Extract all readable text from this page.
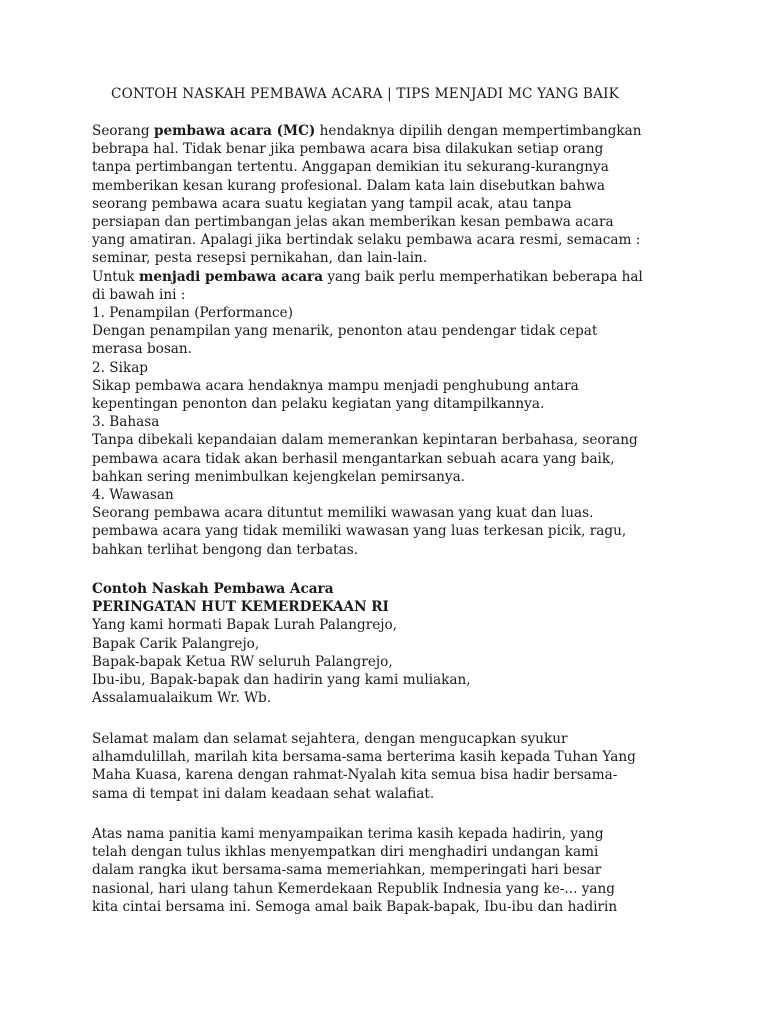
CONTOH NASKAH PEMBAWA ACARA | TIPS MENJADI MC YANG BAIK
Seorang pembawa acara (MC) hendaknya dipilih dengan mempertimbangkan
bebrapa hal. Tidak benar jika pembawa acara bisa dilakukan setiap orang
tanpa pertimbangan tertentu. Anggapan demikian itu sekurang-kurangnya
memberikan kesan kurang profesional. Dalam kata lain disebutkan bahwa
seorang pembawa acara suatu kegiatan yang tampil acak, atau tanpa
persiapan dan pertimbangan jelas akan memberikan kesan pembawa acara
yang amatiran. Apalagi jika bertindak selaku pembawa acara resmi, semacam :
seminar, pesta resepsi pernikahan, dan lain-lain.
Untuk menjadi pembawa acara yang baik perlu memperhatikan beberapa hal
di bawah ini :
1. Penampilan (Performance)
Dengan penampilan yang menarik, penonton atau pendengar tidak cepat
merasa bosan.
2. Sikap
Sikap pembawa acara hendaknya mampu menjadi penghubung antara
kepentingan penonton dan pelaku kegiatan yang ditampilkannya.
3. Bahasa
Tanpa dibekali kepandaian dalam memerankan kepintaran berbahasa, seorang
pembawa acara tidak akan berhasil mengantarkan sebuah acara yang baik,
bahkan sering menimbulkan kejengkelan pemirsanya.
4. Wawasan
Seorang pembawa acara dituntut memiliki wawasan yang kuat dan luas.
pembawa acara yang tidak memiliki wawasan yang luas terkesan picik, ragu,
bahkan terlihat bengong dan terbatas.
Contoh Naskah Pembawa Acara
PERINGATAN HUT KEMERDEKAAN RI
Yang kami hormati Bapak Lurah Palangrejo,
Bapak Carik Palangrejo,
Bapak-bapak Ketua RW seluruh Palangrejo,
Ibu-ibu, Bapak-bapak dan hadirin yang kami muliakan,
Assalamualaikum Wr. Wb.
Selamat malam dan selamat sejahtera, dengan mengucapkan syukur
alhamdulillah, marilah kita bersama-sama berterima kasih kepada Tuhan Yang
Maha Kuasa, karena dengan rahmat-Nyalah kita semua bisa hadir bersama-
sama di tempat ini dalam keadaan sehat walafiat.
Atas nama panitia kami menyampaikan terima kasih kepada hadirin, yang
telah dengan tulus ikhlas menyempatkan diri menghadiri undangan kami
dalam rangka ikut bersama-sama memeriahkan, memperingati hari besar
nasional, hari ulang tahun Kemerdekaan Republik Indnesia yang ke-... yang
kita cintai bersama ini. Semoga amal baik Bapak-bapak, Ibu-ibu dan hadirin
